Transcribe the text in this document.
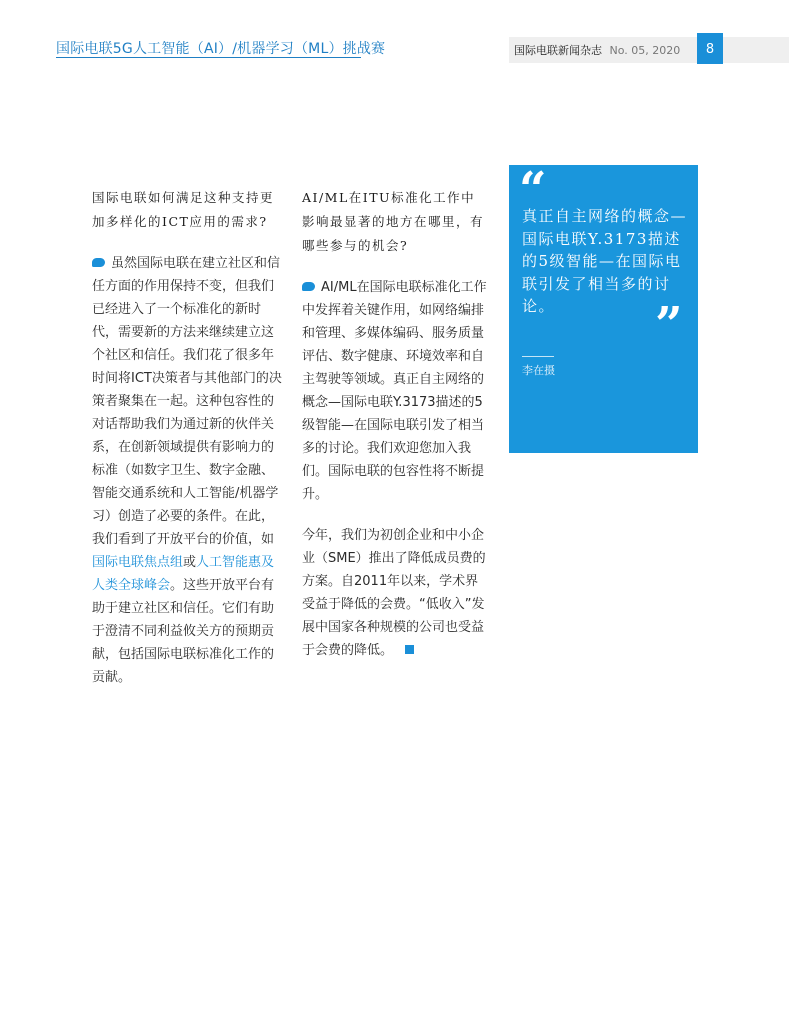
国际电联5G人工智能（AI）/机器学习（ML）挑战赛	国际电联新闻杂志 No. 05, 2020	8

国际电联如何满足这种支持更加多样化的ICT应用的需求?

虽然国际电联在建立社区和信任方面的作用保持不变，但我们已经进入了一个标准化的新时代，需要新的方法来继续建立这个社区和信任。我们花了很多年时间将ICT决策者与其他部门的决策者聚集在一起。这种包容性的对话帮助我们为通过新的伙伴关系，在创新领域提供有影响力的标准（如数字卫生、数字金融、智能交通系统和人工智能/机器学习）创造了必要的条件。在此，我们看到了开放平台的价值，如国际电联焦点组或人工智能惠及人类全球峰会。这些开放平台有助于建立社区和信任。它们有助于澄清不同利益攸关方的预期贡献，包括国际电联标准化工作的贡献。

AI/ML在ITU标准化工作中影响最显著的地方在哪里，有哪些参与的机会?

AI/ML在国际电联标准化工作中发挥着关键作用，如网络编排和管理、多媒体编码、服务质量评估、数字健康、环境效率和自主驾驶等领域。真正自主网络的概念—国际电联Y.3173描述的5级智能—在国际电联引发了相当多的讨论。我们欢迎您加入我们。国际电联的包容性将不断提升。

今年，我们为初创企业和中小企业（SME）推出了降低成员费的方案。自2011年以来，学术界受益于降低的会费。“低收入”发展中国家各种规模的公司也受益于会费的降低。

“
真正自主网络的概念—国际电联Y.3173描述的5级智能—在国际电联引发了相当多的讨论。	”
李在摄
